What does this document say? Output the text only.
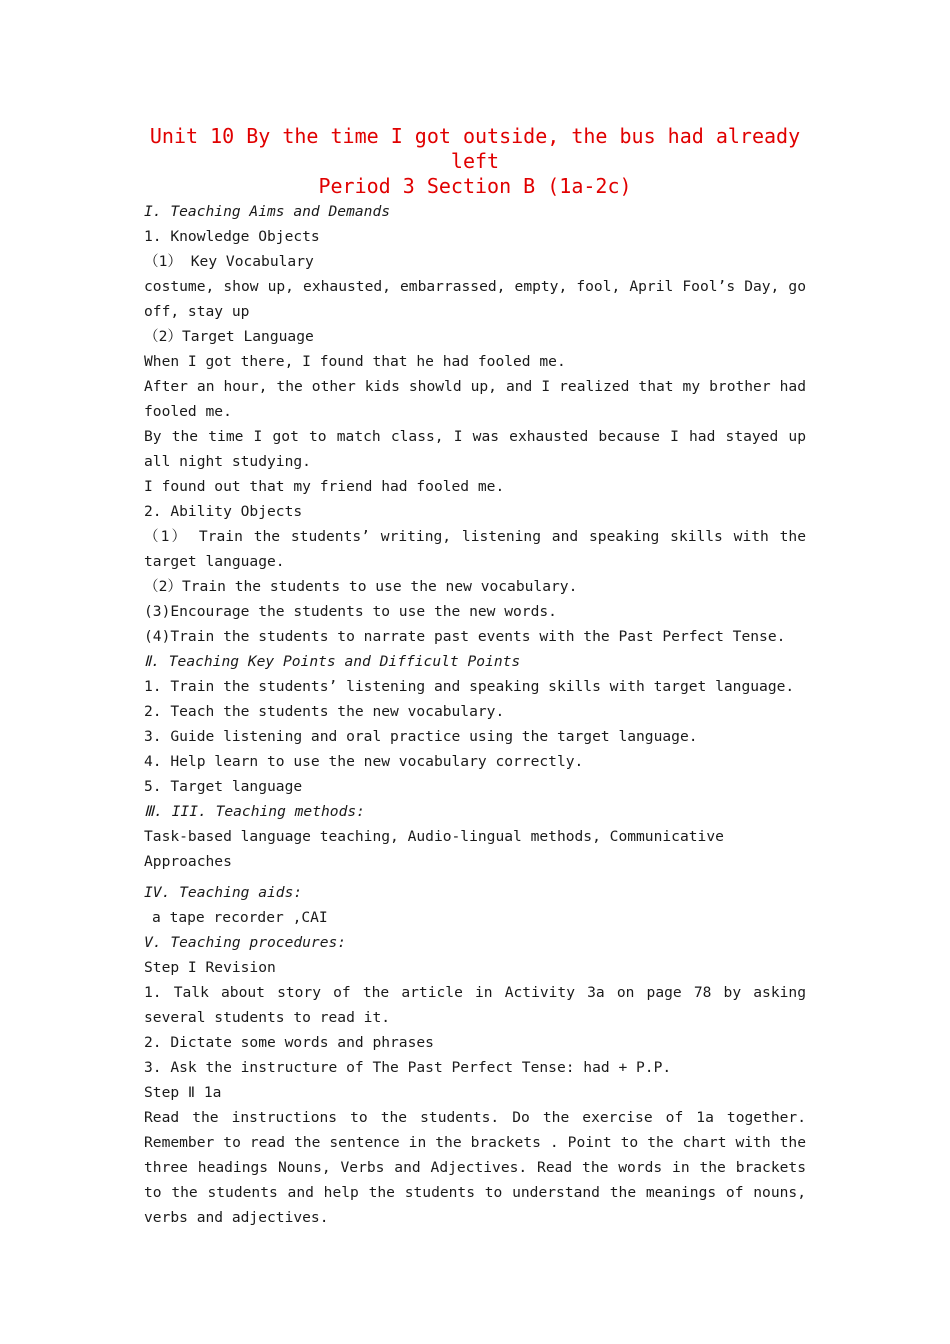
Unit 10 By the time I got outside, the bus had already
left
Period 3 Section B (1a-2c)

I. Teaching Aims and Demands

1. Knowledge Objects

（1） Key Vocabulary

costume, show up, exhausted, embarrassed, empty, fool, April Fool’s Day, go off, stay up

（2）Target Language

When I got there, I found that he had fooled me.

After an hour, the other kids showld up, and I realized that my brother had fooled me.

By the time I got to match class, I was exhausted because I had stayed up all night studying.

I found out that my friend had fooled me.

2. Ability Objects

（1） Train the students’ writing, listening and speaking skills with the target language.

（2）Train the students to use the new vocabulary.

(3)Encourage the students to use the new words.

(4)Train the students to narrate past events with the Past Perfect Tense.

Ⅱ. Teaching Key Points and Difficult Points

1. Train the students’ listening and speaking skills with target language.

2. Teach the students the new vocabulary.

3. Guide listening and oral practice using the target language.

4. Help learn to use the new vocabulary correctly.

5. Target language

Ⅲ. III. Teaching methods:

Task-based language teaching, Audio-lingual methods, Communicative Approaches

IV. Teaching aids:

a tape recorder ,CAI

V. Teaching procedures:

Step I Revision

1. Talk about story of the article in Activity 3a on page 78 by asking several students to read it.

2. Dictate some words and phrases

3. Ask the instructure of The Past Perfect Tense: had + P.P.

Step Ⅱ 1a

Read the instructions to the students. Do the exercise of 1a together. Remember to read the sentence in the brackets . Point to the chart with the three headings Nouns, Verbs and Adjectives. Read the words in the brackets to the students and help the students to understand the meanings of nouns, verbs and adjectives.
